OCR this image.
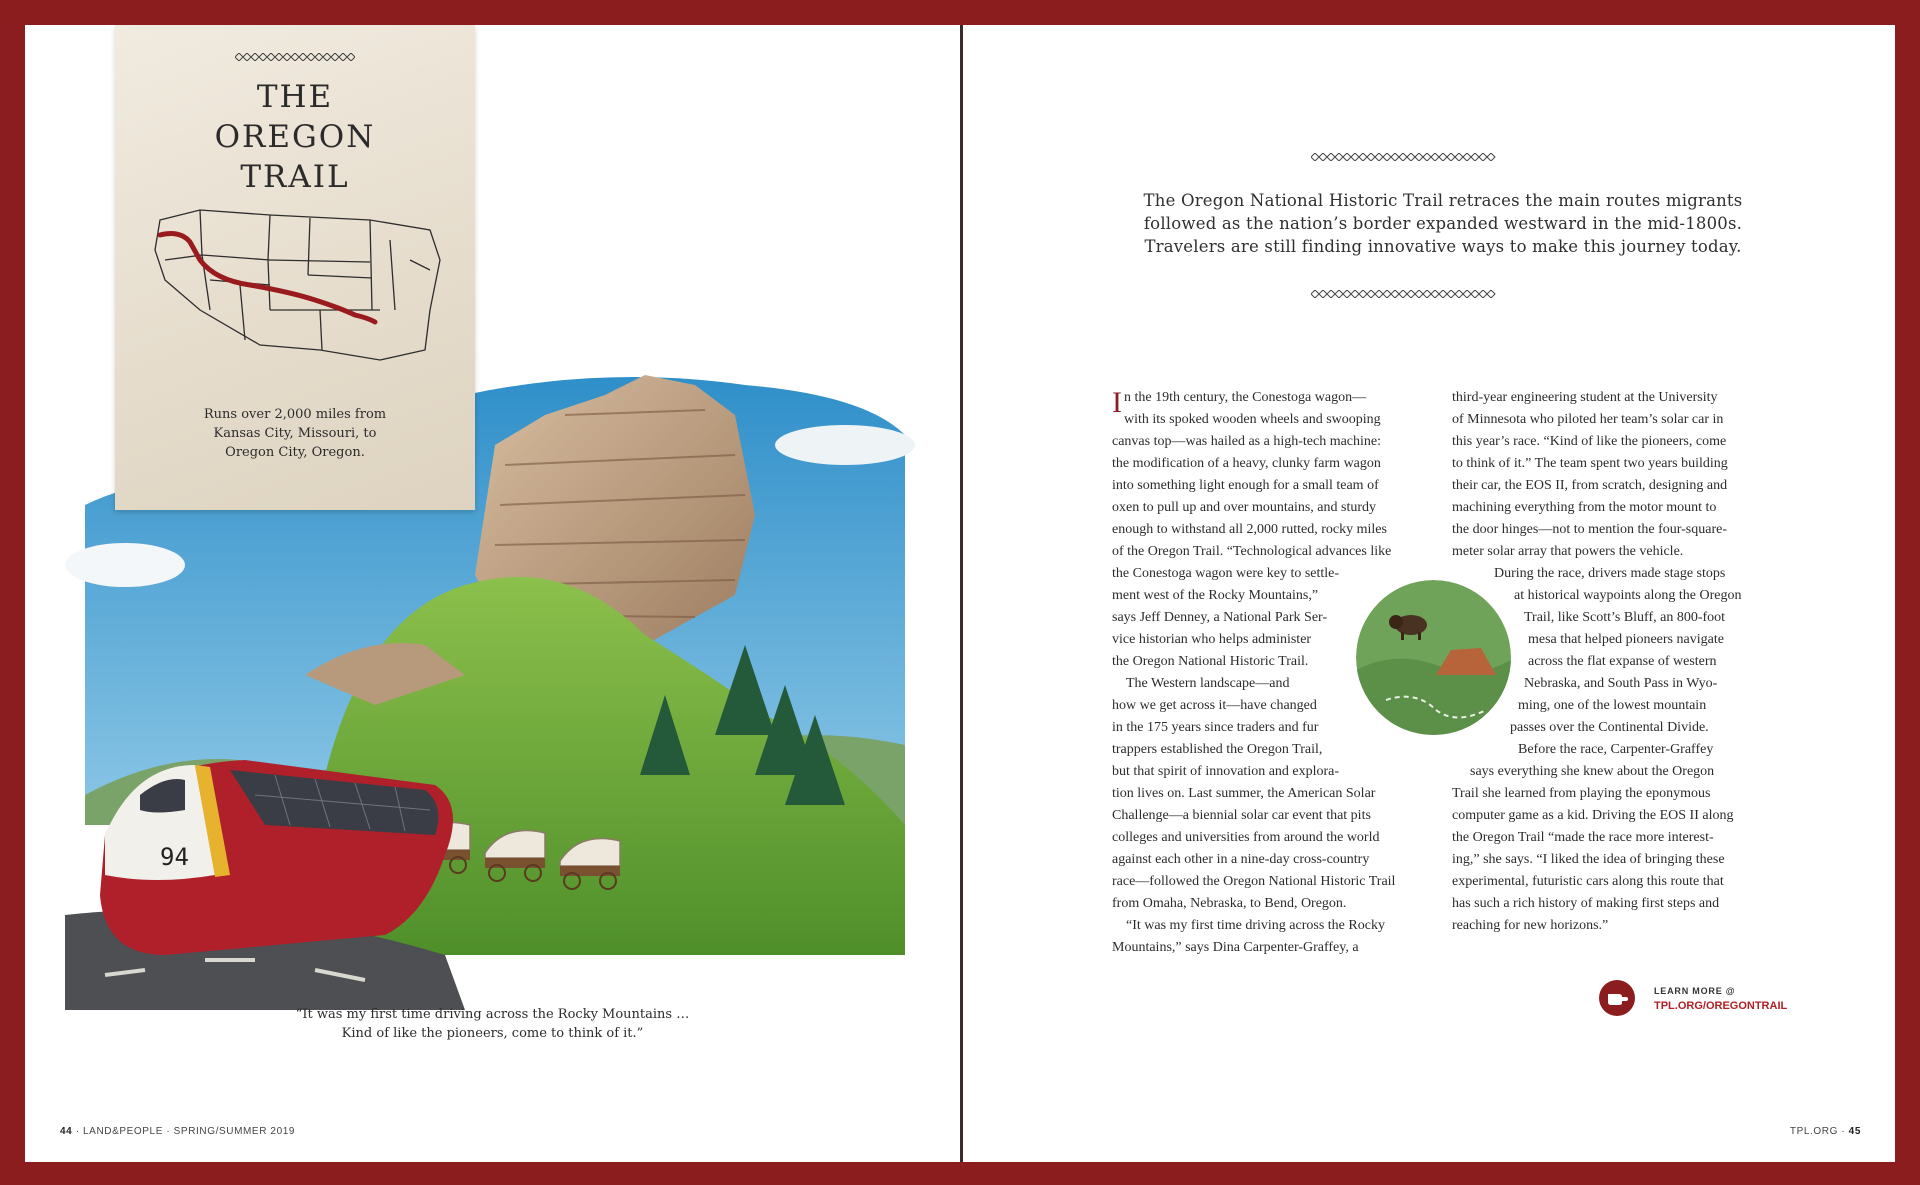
94
THE
OREGON
TRAIL
Runs over 2,000 miles from
Kansas City, Missouri, to
Oregon City, Oregon.
“It was my first time driving across the Rocky Mountains …
Kind of like the pioneers, come to think of it.”
44 · LAND&PEOPLE · SPRING/SUMMER 2019
The Oregon National Historic Trail retraces the main routes migrants
followed as the nation’s border expanded westward in the mid-1800s.
Travelers are still finding innovative ways to make this journey today.
In the 19th century, the Conestoga wagon—
with its spoked wooden wheels and swooping
canvas top—was hailed as a high-tech machine:
the modification of a heavy, clunky farm wagon
into something light enough for a small team of
oxen to pull up and over mountains, and sturdy
enough to withstand all 2,000 rutted, rocky miles
of the Oregon Trail. “Technological advances like
the Conestoga wagon were key to settle-
ment west of the Rocky Mountains,”
says Jeff Denney, a National Park Ser-
vice historian who helps administer
the Oregon National Historic Trail.
 The Western landscape—and
how we get across it—have changed
in the 175 years since traders and fur
trappers established the Oregon Trail,
but that spirit of innovation and explora-
tion lives on. Last summer, the American Solar
Challenge—a biennial solar car event that pits
colleges and universities from around the world
against each other in a nine-day cross-country
race—followed the Oregon National Historic Trail
from Omaha, Nebraska, to Bend, Oregon.
 “It was my first time driving across the Rocky
Mountains,” says Dina Carpenter-Graffey, a
third-year engineering student at the University
of Minnesota who piloted her team’s solar car in
this year’s race. “Kind of like the pioneers, come
to think of it.” The team spent two years building
their car, the EOS II, from scratch, designing and
machining everything from the motor mount to
the door hinges—not to mention the four-square-
meter solar array that powers the vehicle.
During the race, drivers made stage stops
at historical waypoints along the Oregon
Trail, like Scott’s Bluff, an 800-foot
mesa that helped pioneers navigate
across the flat expanse of western
Nebraska, and South Pass in Wyo-
ming, one of the lowest mountain
passes over the Continental Divide.
Before the race, Carpenter-Graffey
says everything she knew about the Oregon
Trail she learned from playing the eponymous
computer game as a kid. Driving the EOS II along
the Oregon Trail “made the race more interest-
ing,” she says. “I liked the idea of bringing these
experimental, futuristic cars along this route that
has such a rich history of making first steps and
reaching for new horizons.”
LEARN MORE @
TPL.ORG/OREGONTRAIL
TPL.ORG · 45
